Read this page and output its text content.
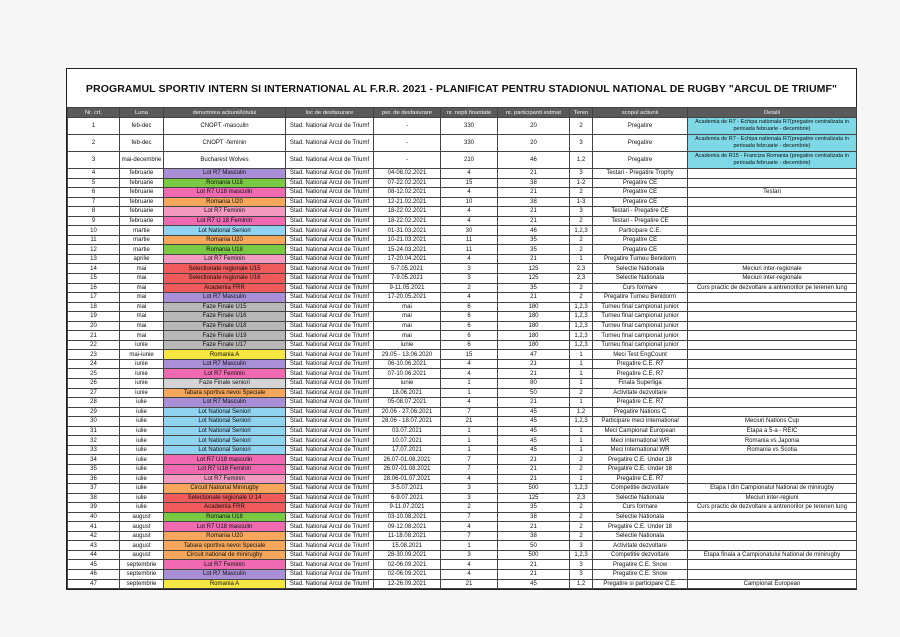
PROGRAMUL SPORTIV INTERN SI INTERNATIONAL AL F.R.R. 2021 - PLANIFICAT PENTRU STADIONUL NATIONAL DE RUGBY "ARCUL DE TRIUMF"
Nr. crt.	Luna	denumirea actiunii/lotului	loc de desfasurare	per. de desfasurare	nr. nopti finantate	nr. participanti estmat	Teren	scopul actiunii	Detalii
1	feb-dec	CNOPT -masculin	Stad. National Arcul de Triumf	-	330	20	2	Pregatire	Academia de R7 - Echipa nationala R7(pregatire centralizata in perioada februarie - decembrie)
2	feb-dec	CNOPT -feminin	Stad. National Arcul de Triumf	-	330	20	3	Pregatire	Academia de R7 - Echipa nationala R7(pregatire centralizata in perioada februarie - decembrie)
3	mai-decembrie	Bucharest Wolves	Stad. National Arcul de Triumf	-	210	46	1,2	Pregatire	Academia de R15 - Franciza Romania (pregatire centralizata in perioada februarie - decembrie)
4	februarie	Lot R7 Masculin	Stad. National Arcul de Triumf	04-08.02.2021	4	21	3	Testari - Pregatire Trophy	
5	februarie	Romania U18	Stad. National Arcul de Triumf	07-22.02.2021	15	38	1-2	Pregatire CE	
6	februarie	Lot R7 U18 masculin	Stad. National Arcul de Triumf	08-12.02.2021	4	21	2	Pregatire CE	Testari
7	februarie	Romania U20	Stad. National Arcul de Triumf	12-21.02.2021	10	38	1-3	Pregatire CE	
8	februarie	Lot R7 Feminin	Stad. National Arcul de Triumf	18-22.02.2021	4	21	3	Testari - Pregatire CE	
9	februarie	Lot R7 U 18 Feminin	Stad. National Arcul de Triumf	18-22.02.2021	4	21	2	Testari - Pregatire CE	
10	martie	Lot National Seniori	Stad. National Arcul de Triumf	01-31.03.2021	30	46	1,2,3	Participare C.E.	
11	martie	Romania U20	Stad. National Arcul de Triumf	10-21.03.2021	11	35	2	Pregatire CE	
12	martie	Romania U18	Stad. National Arcul de Triumf	15-24.03.2021	11	35	2	Pregatire CE	
13	aprilie	Lot R7 Feminin	Stad. National Arcul de Triumf	17-20.04.2021	4	21	1	Pregatire Turneu Benidorm	
14	mai	Selectionate regionale U15	Stad. National Arcul de Triumf	5-7.05.2021	3	125	2,3	Selectie Nationala	Meciuri inter-regionale
15	mai	Selectionate regionale U16	Stad. National Arcul de Triumf	7-9.05.2021	3	125	2,3	Selectie Nationala	Meciuri inter-regionale
16	mai	Academia FRR	Stad. National Arcul de Triumf	9-11.05.2021	2	35	2	Curs formare	Curs practic de dezvoltare a antrenorilor pe terenen lung
17	mai	Lot R7 Masculin	Stad. National Arcul de Triumf	17-20.05.2021	4	21	2	Pregatire Turneu Benidorm	
18	mai	Faze Finale U15	Stad. National Arcul de Triumf	mai	6	180	1,2,3	Turneu final campionat junior	
19	mai	Faze Finale U16	Stad. National Arcul de Triumf	mai	6	180	1,2,3	Turneu final campionat junior	
20	mai	Faze Finale U18	Stad. National Arcul de Triumf	mai	6	180	1,2,3	Turneu final campionat junior	
21	mai	Faze Finale U19	Stad. National Arcul de Triumf	mai	6	180	1,2,3	Turneu final campionat junior	
22	iunie	Faze Finale U17	Stad. National Arcul de Triumf	iunie	6	180	1,2,3	Turneu final campionat junior	
23	mai-iunie	Romania A	Stad. National Arcul de Triumf	29.05 - 13.06.2020	15	47	1	Meci Test EngCount	
24	iunie	Lot R7 Masculin	Stad. National Arcul de Triumf	06-10.06.2021	4	21	1	Pregatire C.E. R7	
25	iunie	Lot R7 Feminin	Stad. National Arcul de Triumf	07-10.06.2021	4	21	1	Pregatire C.E. R7	
26	iunie	Faze Finale seniori	Stad. National Arcul de Triumf	iunie	1	80	1	Finala Superliga	
27	iunie	Tabara sportiva nevoi Speciale	Stad. National Arcul de Triumf	18.06.2021	1	50	2	Activitate dezvoltare	
28	iulie	Lot R7 Masculin	Stad. National Arcul de Triumf	05-08.07.2021	4	21	1	Pregatire C.E. R7	
29	iulie	Lot National Seniori	Stad. National Arcul de Triumf	20.06 - 27.06.2021	7	45	1,2	Pregatire Nations C	
30	iulie	Lot National Seniori	Stad. National Arcul de Triumf	28.06 - 18.07.2021	21	45	1,2,3	Participare meci international	Meciuri Nations Cup
31	iulie	Lot National Seniori	Stad. National Arcul de Triumf	03.07.2021	1	45	1	Meci Campionat European	Etapa a 5-a - REIC
32	iulie	Lot National Seniori	Stad. National Arcul de Triumf	10.07.2021	1	45	1	Meci international WR	Romania vs Japonia
33	iulie	Lot National Seniori	Stad. National Arcul de Triumf	17.07.2021	1	45	1	Meci International WR	Romania vs Scotia
34	iulie	Lot R7 U18 masculin	Stad. National Arcul de Triumf	26.07-01.08.2021	7	21	2	Pregatire C.E. Under 18	
35	iulie	Lot R7 U18 Feminin	Stad. National Arcul de Triumf	26.07-01.08.2021	7	21	2	Pregatire C.E. Under 18	
36	iulie	Lot R7 Feminin	Stad. National Arcul de Triumf	28.06-01.07.2021	4	21	1	Pregatire C.E. R7	
37	iulie	Circuit National Minirugby	Stad. National Arcul de Triumf	3-5.07.2021	3	500	1,2,3	Competitie dezvoltare	Etapa I din Campionatul National de minirugby
38	iulie	Selectionate regionale U 14	Stad. National Arcul de Triumf	6-9.07.2021	3	125	2,3	Selectie Nationala	Meciuri inter-regiuni
39	iulie	Academia FRR	Stad. National Arcul de Triumf	9-11.07.2021	2	35	2	Curs formare	Curs practic de dezvoltare a antrenorilor pe terenen lung
40	august	Romania U18	Stad. National Arcul de Triumf	03-10.08.2021	7	38	2	Selectie Nationala	
41	august	Lot R7 U18 masculin	Stad. National Arcul de Triumf	09-12.08.2021	4	21	2	Pregatire C.E. Under 18	
42	august	Romania U20	Stad. National Arcul de Triumf	11-18.08.2021	7	38	2	Selectie Nationala	
43	august	Tabara sportiva nevoi Speciale	Stad. National Arcul de Triumf	15.08.2021	1	50	3	Activitate dezvoltare	
44	august	Circuit national de minirugby	Stad. National Arcul de Triumf	28-30.09.2021	3	500	1,2,3	Competitie dezvoltare	Etapa finala a Campionatului National de minirugby
45	septembrie	Lot R7 Feminin	Stad. National Arcul de Triumf	02-06.09.2021	4	21	3	Pregatire C.E. Snow	
46	septembrie	Lot R7 Masculin	Stad. National Arcul de Triumf	02-06.09.2021	4	21	3	Pregatire C.E. Snow	
47	septembrie	Romania A	Stad. National Arcul de Triumf	12-26.09.2021	21	45	1,2	Pregatire si participare C.E.	Campionat European
